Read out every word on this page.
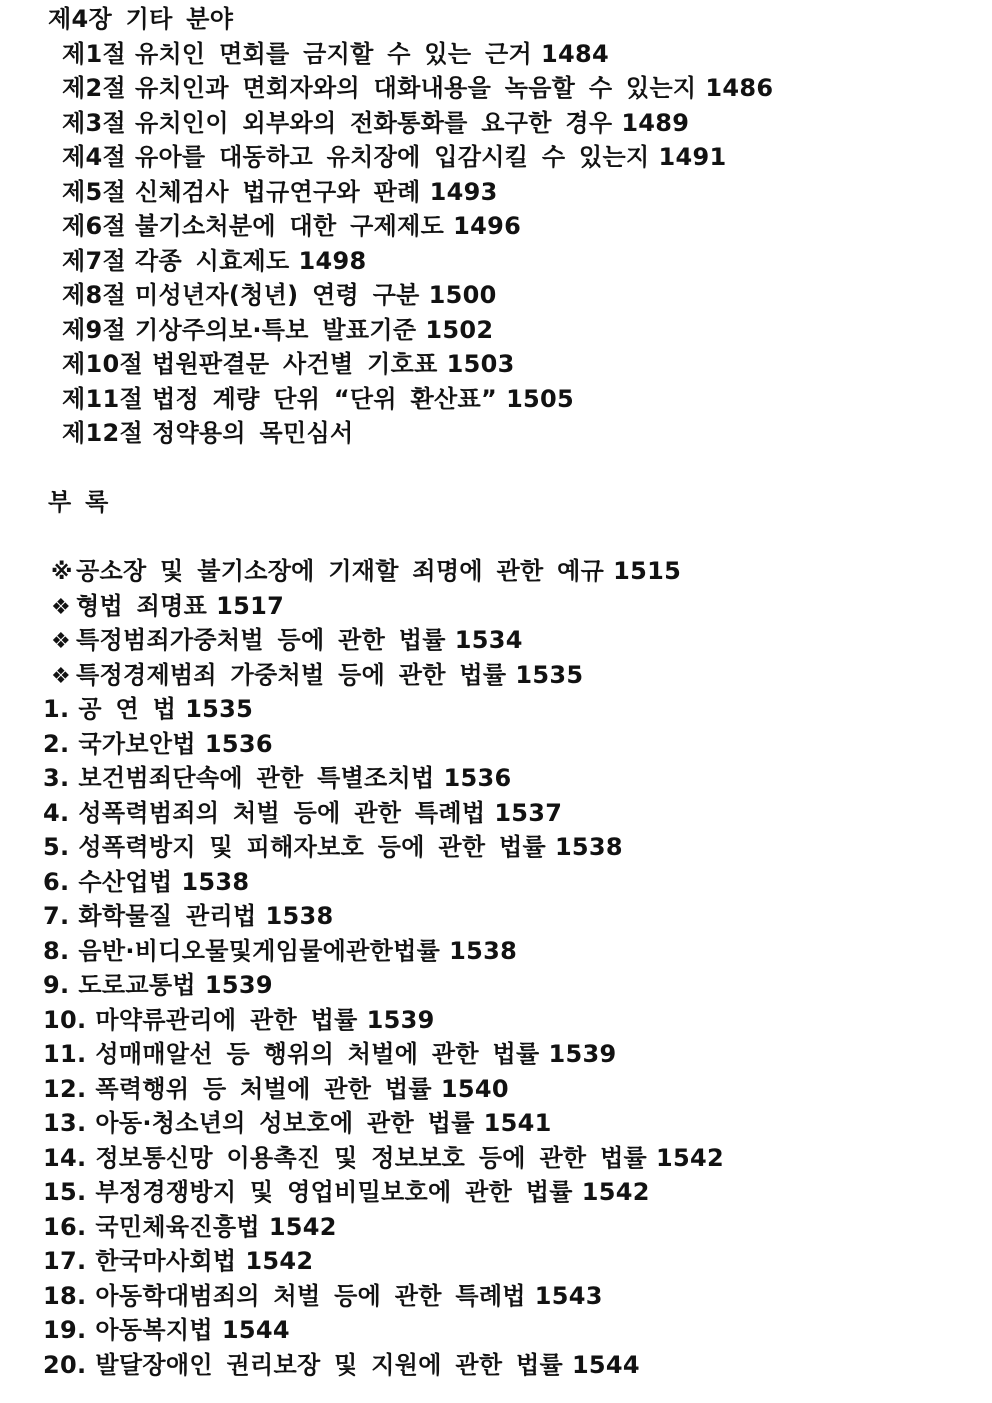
제4장 기타 분야
제1절 유치인 면회를 금지할 수 있는 근거 1484
제2절 유치인과 면회자와의 대화내용을 녹음할 수 있는지 1486
제3절 유치인이 외부와의 전화통화를 요구한 경우 1489
제4절 유아를 대동하고 유치장에 입감시킬 수 있는지 1491
제5절 신체검사 법규연구와 판례 1493
제6절 불기소처분에 대한 구제제도 1496
제7절 각종 시효제도 1498
제8절 미성년자(청년) 연령 구분 1500
제9절 기상주의보·특보 발표기준 1502
제10절 법원판결문 사건별 기호표 1503
제11절 법정 계량 단위 “단위 환산표” 1505
제12절 정약용의 목민심서
부 록
※ 공소장 및 불기소장에 기재할 죄명에 관한 예규 1515
❖ 형법 죄명표 1517
❖ 특정범죄가중처벌 등에 관한 법률 1534
❖ 특정경제범죄 가중처벌 등에 관한 법률 1535
1. 공 연 법 1535
2. 국가보안법 1536
3. 보건범죄단속에 관한 특별조치법 1536
4. 성폭력범죄의 처벌 등에 관한 특례법 1537
5. 성폭력방지 및 피해자보호 등에 관한 법률 1538
6. 수산업법 1538
7. 화학물질 관리법 1538
8. 음반·비디오물및게임물에관한법률 1538
9. 도로교통법 1539
10. 마약류관리에 관한 법률 1539
11. 성매매알선 등 행위의 처벌에 관한 법률 1539
12. 폭력행위 등 처벌에 관한 법률 1540
13. 아동·청소년의 성보호에 관한 법률 1541
14. 정보통신망 이용촉진 및 정보보호 등에 관한 법률 1542
15. 부정경쟁방지 및 영업비밀보호에 관한 법률 1542
16. 국민체육진흥법 1542
17. 한국마사회법 1542
18. 아동학대범죄의 처벌 등에 관한 특례법 1543
19. 아동복지법 1544
20. 발달장애인 권리보장 및 지원에 관한 법률 1544
